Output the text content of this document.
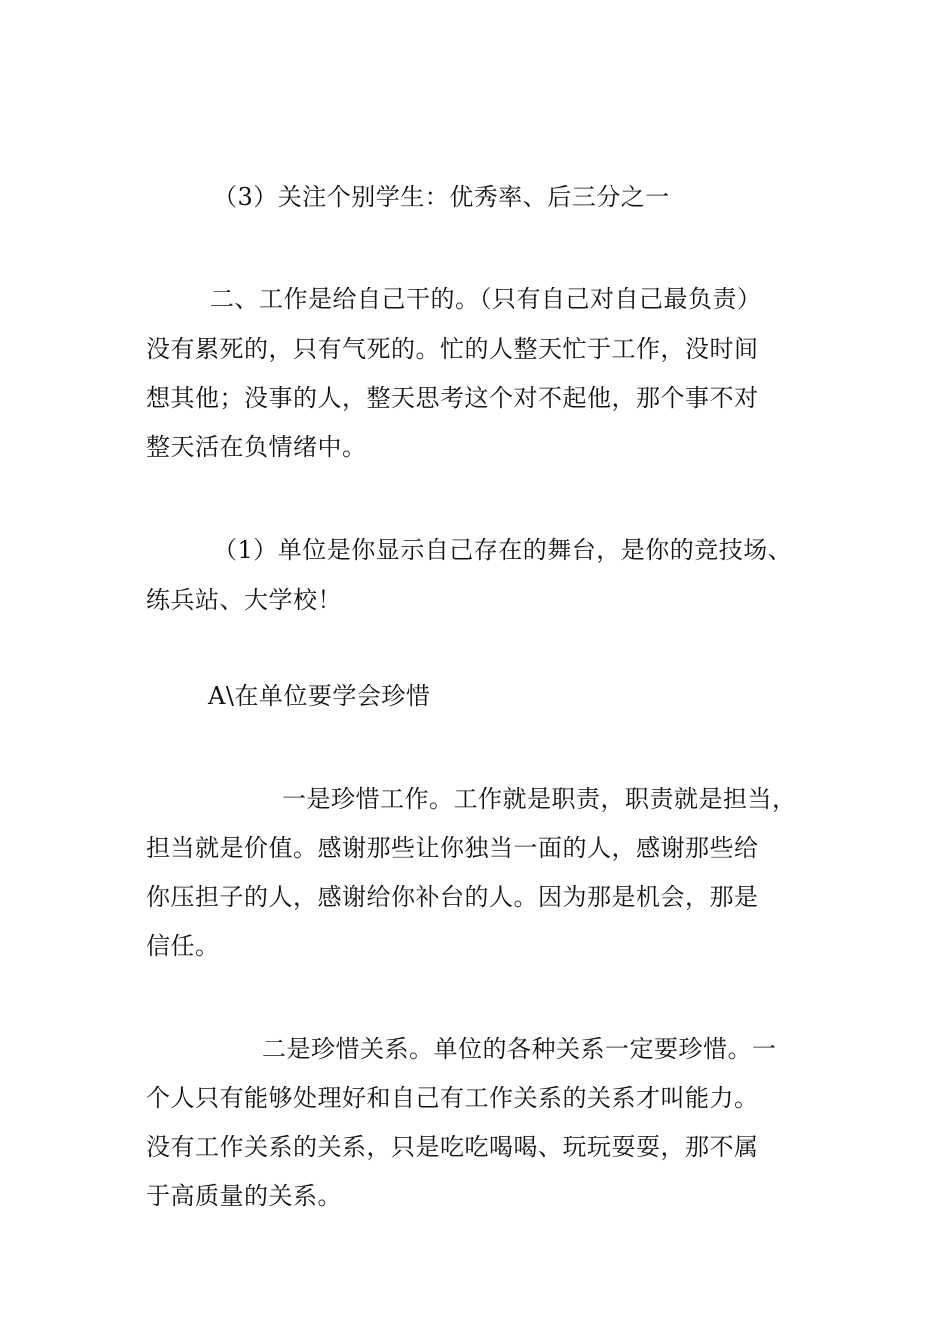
（3）关注个别学生：优秀率、后三分之一
二、工作是给自己干的。（只有自己对自己最负责）
没有累死的，只有气死的。忙的人整天忙于工作，没时间
想其他；没事的人，整天思考这个对不起他，那个事不对
整天活在负情绪中。
（1）单位是你显示自己存在的舞台，是你的竞技场、
练兵站、大学校！
A\在单位要学会珍惜
一是珍惜工作。工作就是职责，职责就是担当，
担当就是价值。感谢那些让你独当一面的人，感谢那些给
你压担子的人，感谢给你补台的人。因为那是机会，那是
信任。
二是珍惜关系。单位的各种关系一定要珍惜。一
个人只有能够处理好和自己有工作关系的关系才叫能力。
没有工作关系的关系，只是吃吃喝喝、玩玩耍耍，那不属
于高质量的关系。
